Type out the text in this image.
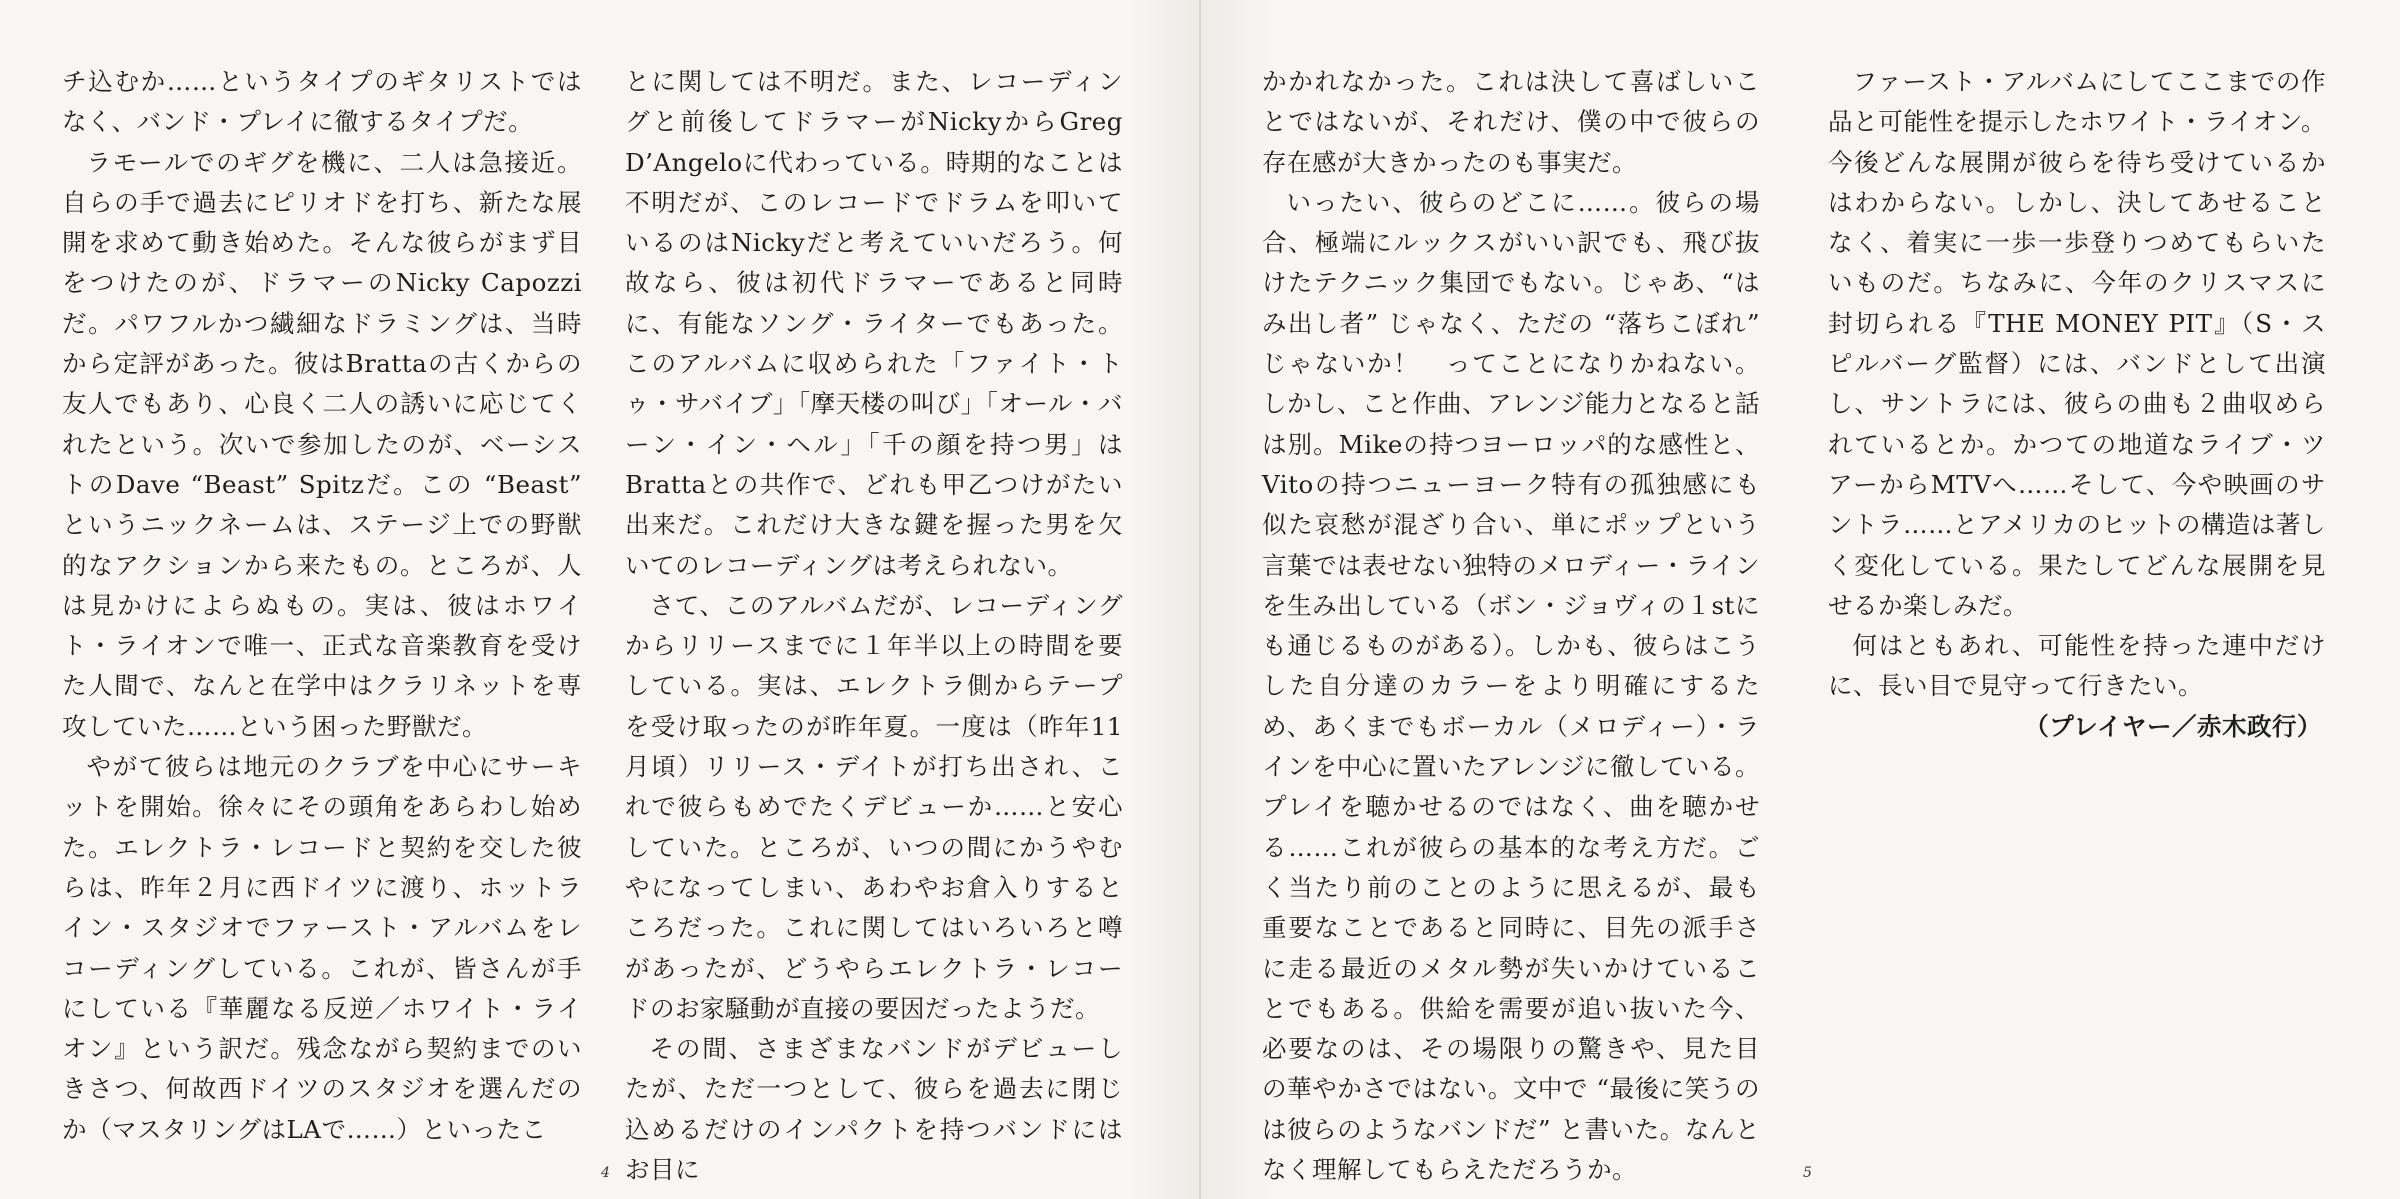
チ込むか……というタイプのギタリストではなく、バンド・プレイに徹するタイプだ。

ラモールでのギグを機に、二人は急接近。自らの手で過去にピリオドを打ち、新たな展開を求めて動き始めた。そんな彼らがまず目をつけたのが、ドラマーのNicky Capozziだ。パワフルかつ繊細なドラミングは、当時から定評があった。彼はBrattaの古くからの友人でもあり、心良く二人の誘いに応じてくれたという。次いで参加したのが、ベーシストのDave “Beast” Spitzだ。この “Beast” というニックネームは、ステージ上での野獣的なアクションから来たもの。ところが、人は見かけによらぬもの。実は、彼はホワイト・ライオンで唯一、正式な音楽教育を受けた人間で、なんと在学中はクラリネットを専攻していた……という困った野獣だ。

やがて彼らは地元のクラブを中心にサーキットを開始。徐々にその頭角をあらわし始めた。エレクトラ・レコードと契約を交した彼らは、昨年２月に西ドイツに渡り、ホットライン・スタジオでファースト・アルバムをレコーディングしている。これが、皆さんが手にしている『華麗なる反逆／ホワイト・ライオン』という訳だ。残念ながら契約までのいきさつ、何故西ドイツのスタジオを選んだのか（マスタリングはLAで……）といったこ

とに関しては不明だ。また、レコーディングと前後してドラマーがNickyからGreg D’Angeloに代わっている。時期的なことは不明だが、このレコードでドラムを叩いているのはNickyだと考えていいだろう。何故なら、彼は初代ドラマーであると同時に、有能なソング・ライターでもあった。このアルバムに収められた「ファイト・トゥ・サバイブ」「摩天楼の叫び」「オール・バーン・イン・ヘル」「千の顔を持つ男」はBrattaとの共作で、どれも甲乙つけがたい出来だ。これだけ大きな鍵を握った男を欠いてのレコーディングは考えられない。

さて、このアルバムだが、レコーディングからリリースまでに１年半以上の時間を要している。実は、エレクトラ側からテープを受け取ったのが昨年夏。一度は（昨年11月頃）リリース・デイトが打ち出され、これで彼らもめでたくデビューか……と安心していた。ところが、いつの間にかうやむやになってしまい、あわやお倉入りするところだった。これに関してはいろいろと噂があったが、どうやらエレクトラ・レコードのお家騒動が直接の要因だったようだ。

その間、さまざまなバンドがデビューしたが、ただ一つとして、彼らを過去に閉じ込めるだけのインパクトを持つバンドにはお目に

4

かかれなかった。これは決して喜ばしいことではないが、それだけ、僕の中で彼らの存在感が大きかったのも事実だ。

いったい、彼らのどこに……。彼らの場合、極端にルックスがいい訳でも、飛び抜けたテクニック集団でもない。じゃあ、“はみ出し者” じゃなく、ただの “落ちこぼれ” じゃないか！　ってことになりかねない。しかし、こと作曲、アレンジ能力となると話は別。Mikeの持つヨーロッパ的な感性と、Vitoの持つニューヨーク特有の孤独感にも似た哀愁が混ざり合い、単にポップという言葉では表せない独特のメロディー・ラインを生み出している（ボン・ジョヴィの１stにも通じるものがある）。しかも、彼らはこうした自分達のカラーをより明確にするため、あくまでもボーカル（メロディー）・ラインを中心に置いたアレンジに徹している。プレイを聴かせるのではなく、曲を聴かせる……これが彼らの基本的な考え方だ。ごく当たり前のことのように思えるが、最も重要なことであると同時に、目先の派手さに走る最近のメタル勢が失いかけていることでもある。供給を需要が追い抜いた今、必要なのは、その場限りの驚きや、見た目の華やかさではない。文中で “最後に笑うのは彼らのようなバンドだ” と書いた。なんとなく理解してもらえただろうか。

ファースト・アルバムにしてここまでの作品と可能性を提示したホワイト・ライオン。今後どんな展開が彼らを待ち受けているかはわからない。しかし、決してあせることなく、着実に一歩一歩登りつめてもらいたいものだ。ちなみに、今年のクリスマスに封切られる『THE MONEY PIT』（S・スピルバーグ監督）には、バンドとして出演し、サントラには、彼らの曲も２曲収められているとか。かつての地道なライブ・ツアーからMTVへ……そして、今や映画のサントラ……とアメリカのヒットの構造は著しく変化している。果たしてどんな展開を見せるか楽しみだ。

何はともあれ、可能性を持った連中だけに、長い目で見守って行きたい。

（プレイヤー／赤木政行）

5
